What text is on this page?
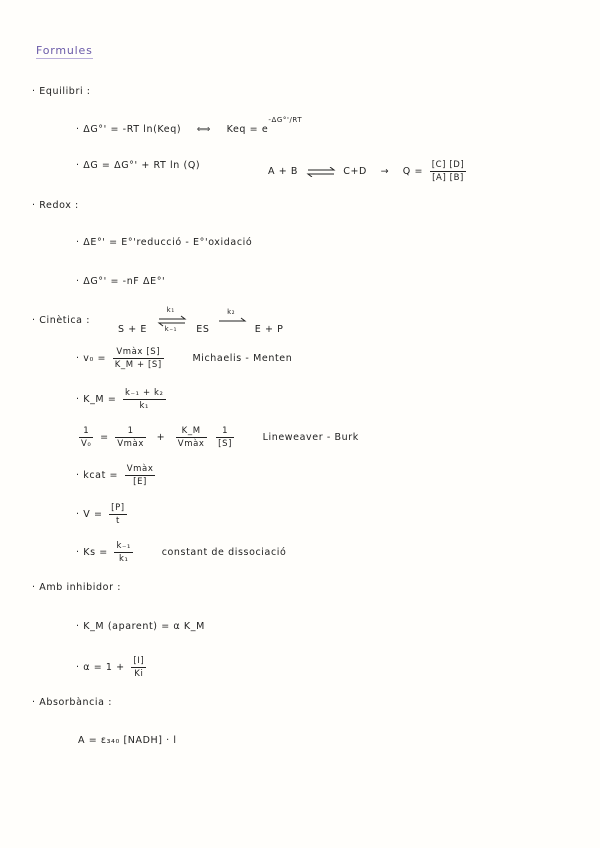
Formules
· Equilibri :
· ΔG°' = -RT ln(Keq) ⟺ Keq = $e^{-\Delta G^\circ'/RT}$
· ΔG = ΔG°' + RT ln (Q)
A + B ⇌ $C+D \to Q = \frac{[C] [D]}{[A] [B]}$
· Redox :
· ΔE°' = E°'reducció - E°'oxidació
· ΔG°' = -nF ΔE°'
· Cinètica :
S + E
k₁
k₋₁ ES
k₂
E + P
· $v_0 = \frac{\text{Vmàx [S]}}{K\_M + [S]}$	Michaelis - Menten
· K_M = $\frac{\text{k₋₁ + k₂}}{\text{k₁}}$
$\frac{1}{\text{V₀}} = \frac{1}{\text{Vmàx}} + \frac{K\_M}{\text{Vmàx}}$
$\frac{1}{[S]}$	Lineweaver - Burk
· kcat = $\frac{\text{Vmàx}}{[E]}$
· $V = \frac{[P]}{t}$
· $Ks = \frac{\text{k₋₁}}{\text{k₁}}$	constant de dissociació
· Amb inhibidor :
· K_M (aparent) = α K_M
· $\alpha = 1 + \frac{[I]}{Ki}$
· Absorbància :
A = ε₃₄₀ [NADH] · l
